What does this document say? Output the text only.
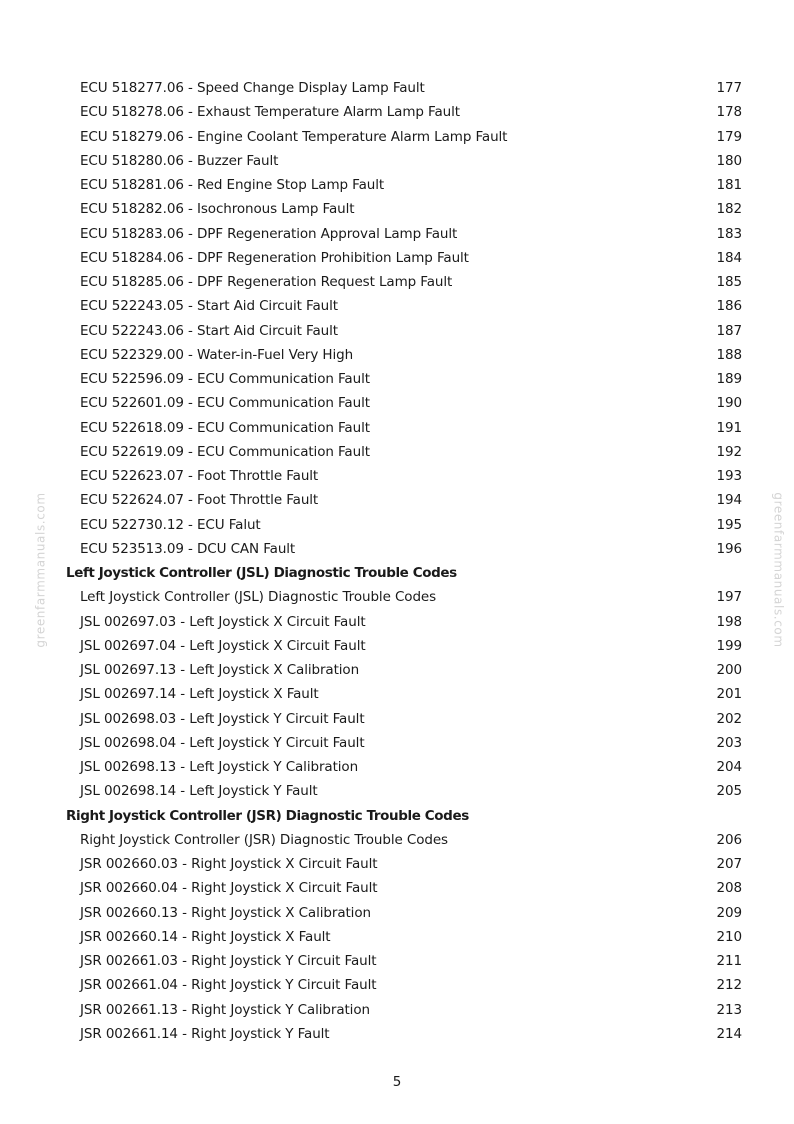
greenfarmmanuals.com	greenfarmmanuals.com
ECU 518277.06 - Speed Change Display Lamp Fault	177
ECU 518278.06 - Exhaust Temperature Alarm Lamp Fault	178
ECU 518279.06 - Engine Coolant Temperature Alarm Lamp Fault	179
ECU 518280.06 - Buzzer Fault	180
ECU 518281.06 - Red Engine Stop Lamp Fault	181
ECU 518282.06 - Isochronous Lamp Fault	182
ECU 518283.06 - DPF Regeneration Approval Lamp Fault	183
ECU 518284.06 - DPF Regeneration Prohibition Lamp Fault	184
ECU 518285.06 - DPF Regeneration Request Lamp Fault	185
ECU 522243.05 - Start Aid Circuit Fault	186
ECU 522243.06 - Start Aid Circuit Fault	187
ECU 522329.00 - Water-in-Fuel Very High	188
ECU 522596.09 - ECU Communication Fault	189
ECU 522601.09 - ECU Communication Fault	190
ECU 522618.09 - ECU Communication Fault	191
ECU 522619.09 - ECU Communication Fault	192
ECU 522623.07 - Foot Throttle Fault	193
ECU 522624.07 - Foot Throttle Fault	194
ECU 522730.12 - ECU Falut	195
ECU 523513.09 - DCU CAN Fault	196
Left Joystick Controller (JSL) Diagnostic Trouble Codes
Left Joystick Controller (JSL) Diagnostic Trouble Codes	197
JSL 002697.03 - Left Joystick X Circuit Fault	198
JSL 002697.04 - Left Joystick X Circuit Fault	199
JSL 002697.13 - Left Joystick X Calibration	200
JSL 002697.14 - Left Joystick X Fault	201
JSL 002698.03 - Left Joystick Y Circuit Fault	202
JSL 002698.04 - Left Joystick Y Circuit Fault	203
JSL 002698.13 - Left Joystick Y Calibration	204
JSL 002698.14 - Left Joystick Y Fault	205
Right Joystick Controller (JSR) Diagnostic Trouble Codes
Right Joystick Controller (JSR) Diagnostic Trouble Codes	206
JSR 002660.03 - Right Joystick X Circuit Fault	207
JSR 002660.04 - Right Joystick X Circuit Fault	208
JSR 002660.13 - Right Joystick X Calibration	209
JSR 002660.14 - Right Joystick X Fault	210
JSR 002661.03 - Right Joystick Y Circuit Fault	211
JSR 002661.04 - Right Joystick Y Circuit Fault	212
JSR 002661.13 - Right Joystick Y Calibration	213
JSR 002661.14 - Right Joystick Y Fault	214
5
